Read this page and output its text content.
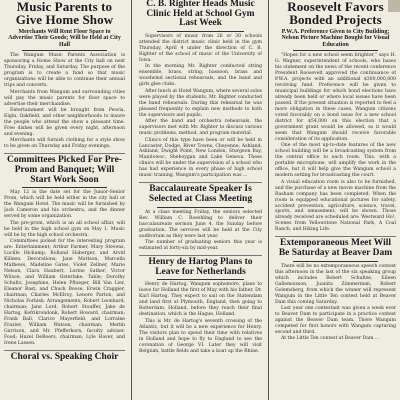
Music Parents to Give Home Show
Merchants Will Rent Floor Space to Advertise Their Goods; Will be Held at City Hall

The Wangum Music Parents Association is sponsoring a Home Show at the City hall on next Thursday, Friday, and Saturday. The purpose of the program is to create a fund so that music organizations will be able to continue their annual trips and concerts.

Merchants from Wangum and surrounding cities will pay the music parents for floor space to advertise their merchandise.

Entertainment will be brought from Peoria, Elgin, Oakfield, and other neighborhoods to insure the people who attend the show a pleasant time. Free dishes will be given every night, afternoon and evening.

Merchants will furnish clothing for a style show to be given on Thursday and Friday evenings.

Committees Picked For Pre-Prom and Banquet; Will Start Work Soon

May 12 is the date set for the Junior-Senior Prom, which will be held either in the city hall or the Wangum Hotel. The music will be furnished by Jack Cameron and his orchestra, and the dinner served by some organization.

The pre-prom, which is an all school affair, will be held in the high school gym on May 1. Music will be by the high school orchestra.

Committees picked for the interesting program are: Entertainment; Arthur Farmer, Mary Stevens, Lucille Hickamp, Rolland Haberger, and Arvid Killeen. Decorations; Jane Mattson, Marcella Mathews, Madeline Gates, Violet Zellner, Marie Nelson, Clara Haubert, Lorine Sather, Victor Wilson, and William Osterlake. Table; Dorothy Schultz, Josephine, Helen Pflueger, Bill Van Lier, Eleanor Bast, and Chuck Boose. Erwin Craggier, chairman; Charles McElroy, Lenore Parton, and Nicholas Forbish. Arrangements; Robert Leonhard, chairman; Jane Lord, Robert Stouffer, Jake de Hartog, Kefrikrondonk, Robert Howard, chairman; Frank Ball, Clarice Mayerfield, and Lorraine Frazier, William Watson, chairman; Merlin Garrison, and Mr. Pfefferkorn, faculty adviser. Food; Hazel DeBoers, chairman; Lyle Haver, and Irene Lassen.

Choral vs. Speaking Choir
C. B. Righter Heads Music Clinic Held at School Gym Last Week

Supervisors of music from 26 or 30 schools attended the district music clinic held in the gym Thursday, April 4 under the direction of C. B. Righter of the school of music of the University of Iowa.

In the morning Mr. Righter conducted string ensemble, brass, string, bassoon, brass and woodwind sectional rehearsals, and the band and girls glee clubs.

After lunch at Hotel Wangum, where several solos were played by the students, Mr. Righter conducted the band rehearsals. During this rehearsal he was pleased frequently to explain new methods to both the supervisors and pupils.

After the band and orchestra rehearsals, the supervisors met with Mr. Righter to discuss various music problems, method, and program material.

Clinics of this type have been or will be held in Lancaster, Dodge, River Towns, Cheyenne, Ashland, Ashland, Dwight Point, New London, Sturgeon Bay, Manitowoc, Sheboygan and Lake Geneva. These clinics will be under the supervision of a school who has had experience in every phase of high school music training, Wangum's participation was ...

Baccalaureate Speaker Is Selected at Class Meeting

At a class meeting Friday, the seniors selected Rev. William C. Roeshling to deliver their baccalaureate sermon June 4, the Sunday before graduation. The services will be held at the City auditorium as they were last year.

The number of graduating seniors this year is estimated at forty-six by mid-year.

Henry de Hartog Plans to Leave for Netherlands

Henry de Hartog, Wangum sophomore, plans to leave for Holland the first of May with his father, Dr. Karl Hartog. They expect to sail on the Statendam and land first at Plymouth, England, then going to Rotterdam, Holland, before they reach their final destination, which is the Hague, Holland.

This is Mr. de Hartog's seventh crossing of the Atlantic, but it will be a new experience for Henry. The visitors plan to spend their time with relatives in Holland and hope to fly to England to see the coronation of George VI. Later they will visit Belgium, battle fields and take a boat up the Rhine.

Roosevelt Favors Bonded Projects
P.W.A. Preference Given to City Building; Nelson Picture Machine Bought for Visual Education

"Hopes for a new school seem brighter," says H. G. Wagner, superintendent of schools, who bases his statement on the news of the recent conference President Roosevelt approved the continuance of P.W.A. projects with an additional $300,000,000 revolving fund. Preference will be given to municipal buildings for which bond elections have already been held or where local issues have been passed. If the present situation is reported to feel a more obligation in these cases, Wangum citizens voted favorably on a bond issue for a new school district for $54,000 on this election that a government grant would be allowed, so it would seem that Wangum should receive favorable consideration of its application.

One of the most up-to-date features of the new school building will be a broadcasting system from the central office to each room. This, with a portable microphone, will amplify the work in the office, but it will help give the Wangum school a modern setting for broadcasting the court.

A visual education room is also to be furnished, and the purchase of a new movie machine from the Rasham company has been completed. When the room is equipped educational pictures for safety, accident prevention, agriculture, science, travel, sports, and amusement, will be shown. Those already received are scheduled are: Westward Ho!, Scenes from Yellowstone National Park, A Coal Ranch, and Hiking Life.

Extemporaneous Meet Will Be Saturday at Beaver Dam

There will be no extemporaneous speech contest this afternoon in the last of the six speaking group which includes Robert Schultze, Eileen Gallemoisson, Juanita Zimmerman, Robert Golemsberg, from which the winner will represent Wangum in the Little Ten contest held at Beaver Dam this coming Saturday.

Last year one contestant was given a week ever to Beaver Dam to participate in a practice contest against the Beaver Dam team. There Wangum competed for first honors with Wangum capturing second and third.

At the Little Ten contest at Beaver Dam ...
